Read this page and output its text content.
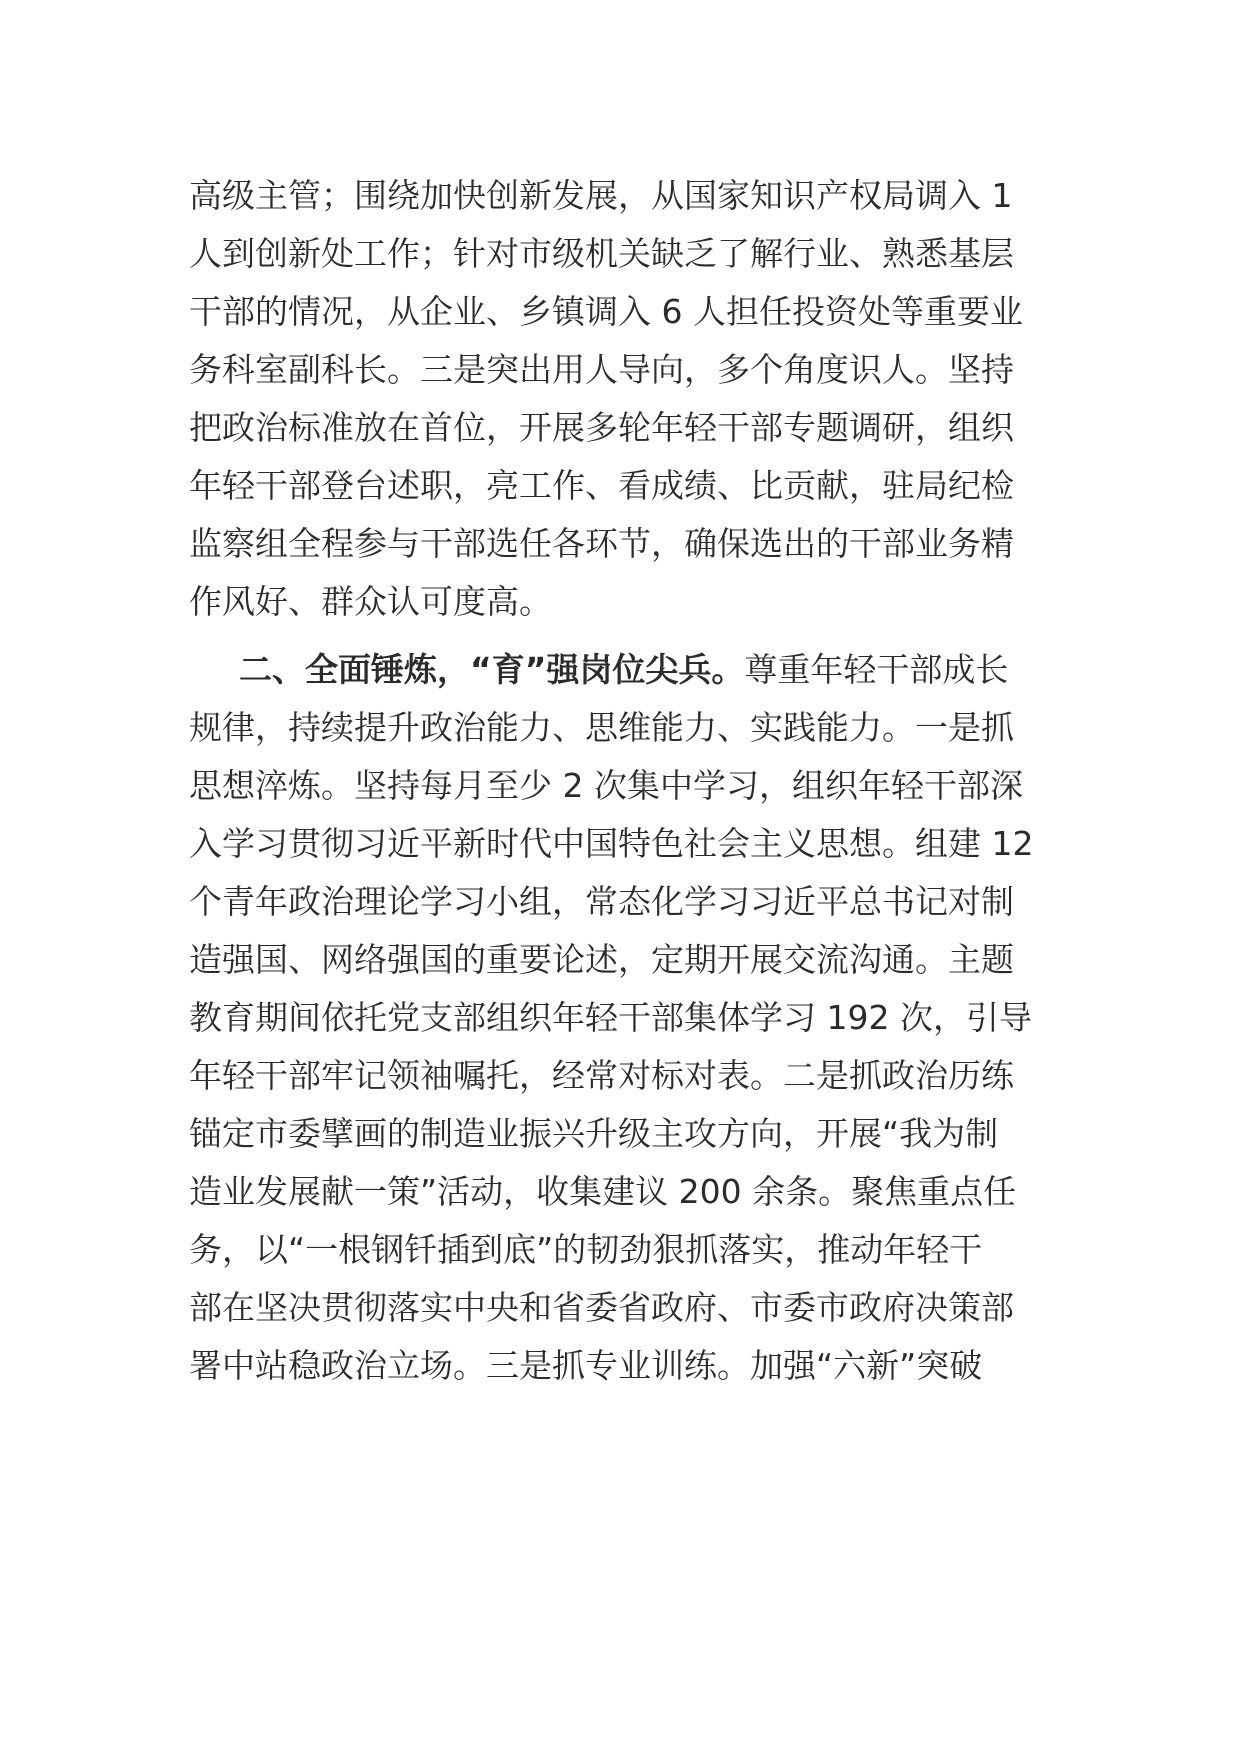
高级主管；围绕加快创新发展，从国家知识产权局调入 1
人到创新处工作；针对市级机关缺乏了解行业、熟悉基层
干部的情况，从企业、乡镇调入 6 人担任投资处等重要业
务科室副科长。三是突出用人导向，多个角度识人。坚持
把政治标准放在首位，开展多轮年轻干部专题调研，组织
年轻干部登台述职，亮工作、看成绩、比贡献，驻局纪检
监察组全程参与干部选任各环节，确保选出的干部业务精
作风好、群众认可度高。
二、全面锤炼，“育”强岗位尖兵。尊重年轻干部成长
规律，持续提升政治能力、思维能力、实践能力。一是抓
思想淬炼。坚持每月至少 2 次集中学习，组织年轻干部深
入学习贯彻习近平新时代中国特色社会主义思想。组建 12
个青年政治理论学习小组，常态化学习习近平总书记对制
造强国、网络强国的重要论述，定期开展交流沟通。主题
教育期间依托党支部组织年轻干部集体学习 192 次，引导
年轻干部牢记领袖嘱托，经常对标对表。二是抓政治历练
锚定市委擘画的制造业振兴升级主攻方向，开展“我为制
造业发展献一策”活动，收集建议 200 余条。聚焦重点任
务，以“一根钢钎插到底”的韧劲狠抓落实，推动年轻干
部在坚决贯彻落实中央和省委省政府、市委市政府决策部
署中站稳政治立场。三是抓专业训练。加强“六新”突破
